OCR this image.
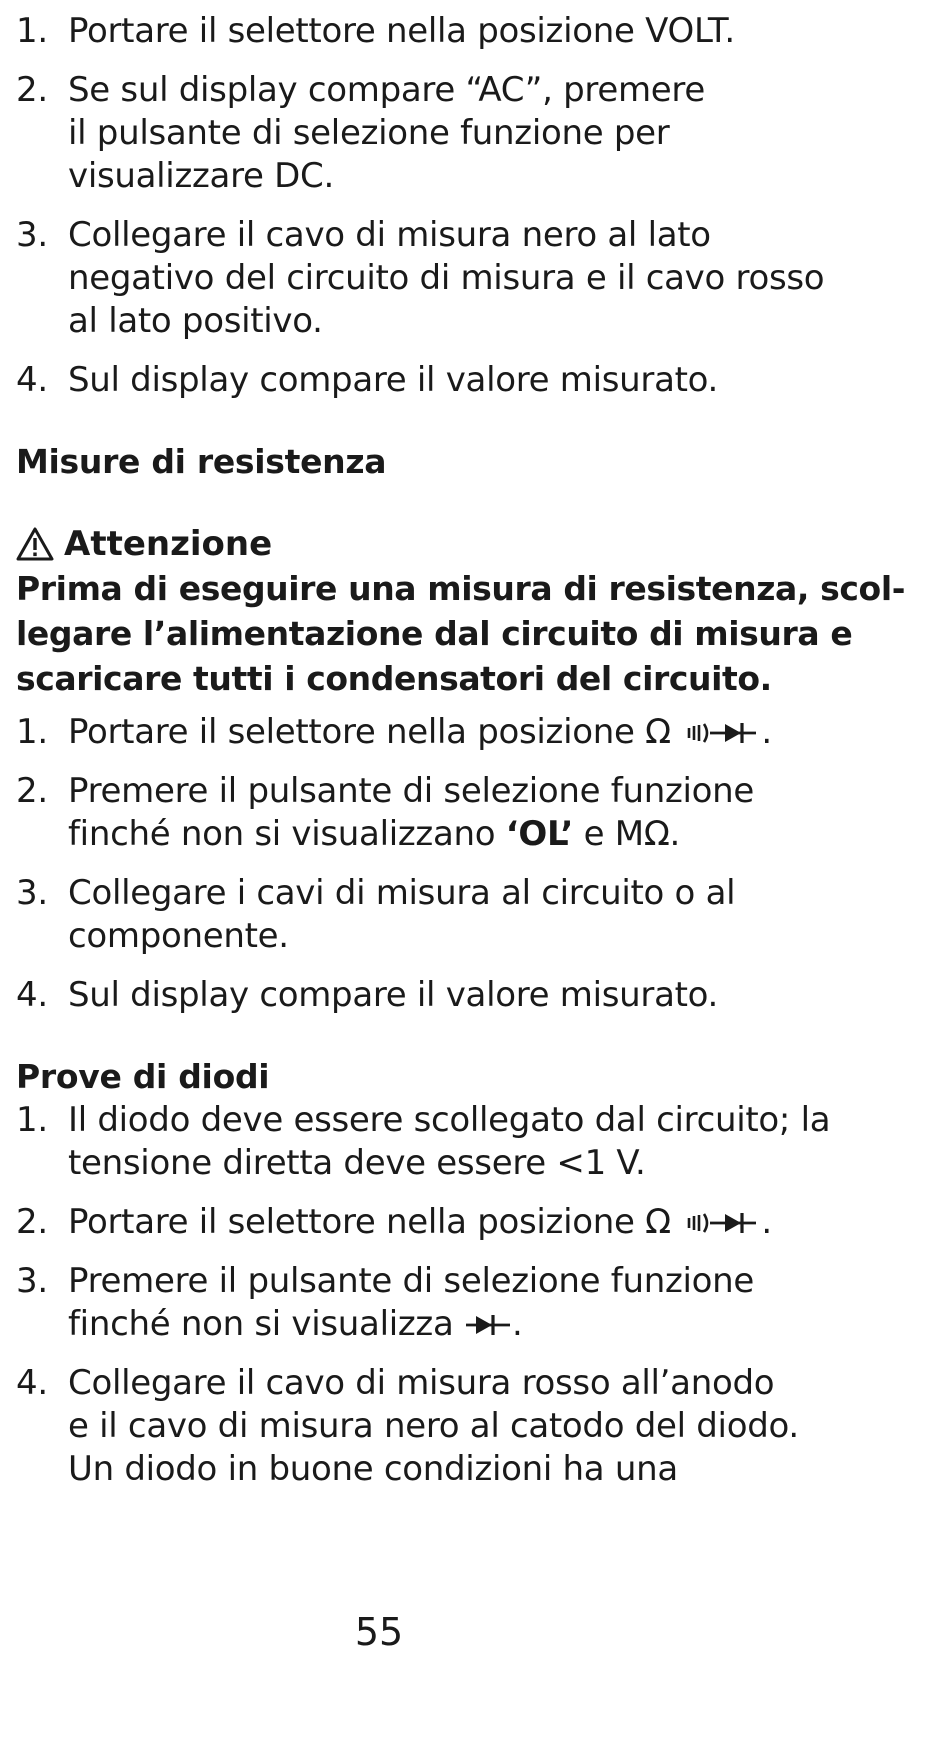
1. Portare il selettore nella posizione VOLT.
2. Se sul display compare “AC”, premere
il pulsante di selezione funzione per
visualizzare DC.
3. Collegare il cavo di misura nero al lato
negativo del circuito di misura e il cavo rosso
al lato positivo.
4. Sul display compare il valore misurato.
Misure di resistenza
Attenzione
Prima di eseguire una misura di resistenza, scol-
legare l’alimentazione dal circuito di misura e
scaricare tutti i condensatori del circuito.
1. Portare il selettore nella posizione Ω	.
2. Premere il pulsante di selezione funzione
finché non si visualizzano ‘OL’ e MΩ.
3. Collegare i cavi di misura al circuito o al
componente.
4. Sul display compare il valore misurato.
Prove di diodi
1. Il diodo deve essere scollegato dal circuito; la
tensione diretta deve essere <1 V.
2. Portare il selettore nella posizione Ω	.
3. Premere il pulsante di selezione funzione
finché non si visualizza .
4. Collegare il cavo di misura rosso all’anodo
e il cavo di misura nero al catodo del diodo.
Un diodo in buone condizioni ha una
55
